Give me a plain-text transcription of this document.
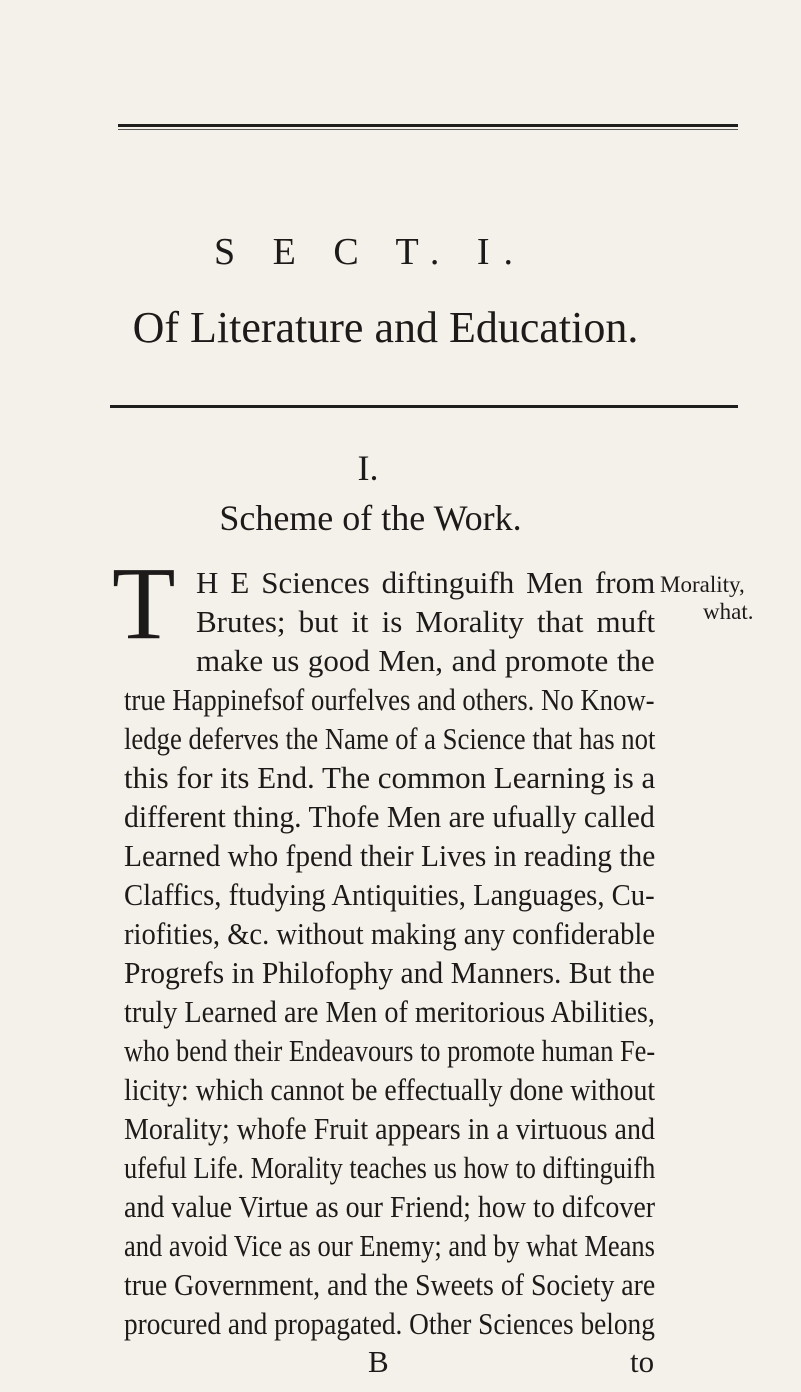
S E C T. I.
Of Literature and Education.
I.
Scheme of the Work.
T H E Sciences diftinguifh Men from
Brutes; but it is Morality that muft
make us good Men, and promote the
true Happinefsof ourfelves and others. No Know-
ledge deferves the Name of a Science that has not
this for its End. The common Learning is a
different thing. Thofe Men are ufually called
Learned who fpend their Lives in reading the
Claffics, ftudying Antiquities, Languages, Cu-
riofities, &c. without making any confiderable
Progrefs in Philofophy and Manners. But the
truly Learned are Men of meritorious Abilities,
who bend their Endeavours to promote human Fe-
licity: which cannot be effectually done without
Morality; whofe Fruit appears in a virtuous and
ufeful Life. Morality teaches us how to diftinguifh
and value Virtue as our Friend; how to difcover
and avoid Vice as our Enemy; and by what Means
true Government, and the Sweets of Society are
procured and propagated. Other Sciences belong
Morality,
what.
B	to
